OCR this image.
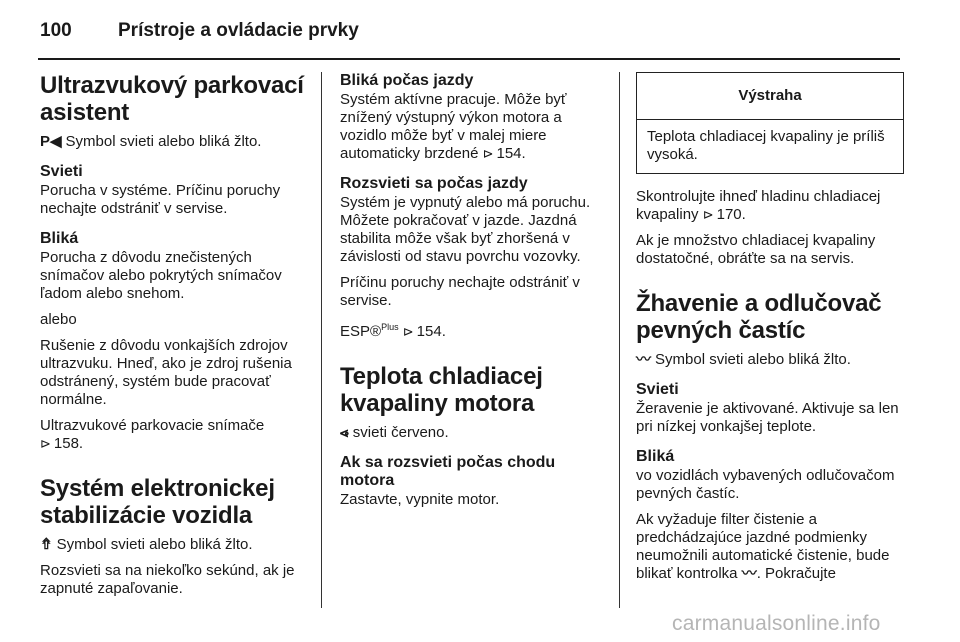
100 Prístroje a ovládacie prvky
Ultrazvukový parkovací asistent

P◀︎ Symbol svieti alebo bliká žlto.

Svieti

Porucha v systéme. Príčinu poruchy nechajte odstrániť v servise.

Bliká

Porucha z dôvodu znečistených snímačov alebo pokrytých snímačov ľadom alebo snehom.

alebo

Rušenie z dôvodu vonkajších zdrojov ultrazvuku. Hneď, ako je zdroj rušenia odstránený, systém bude pracovať normálne.

Ultrazvukové parkovacie snímače
⊳ 158.

Systém elektronickej stabilizácie vozidla

⇮ Symbol svieti alebo bliká žlto.

Rozsvieti sa na niekoľko sekúnd, ak je zapnuté zapaľovanie.

Bliká počas jazdy

Systém aktívne pracuje. Môže byť znížený výstupný výkon motora a vozidlo môže byť v malej miere automaticky brzdené ⊳ 154.

Rozsvieti sa počas jazdy

Systém je vypnutý alebo má poruchu. Môžete pokračovať v jazde. Jazdná stabilita môže však byť zhoršená v závislosti od stavu povrchu vozovky.

Príčinu poruchy nechajte odstrániť v servise.

ESP®$^{Plus}$ ⊳ 154.

Teplota chladiacej kvapaliny motora

⩹ svieti červeno.

Ak sa rozsvieti počas chodu motora

Zastavte, vypnite motor.

Výstraha
Teplota chladiacej kvapaliny je príliš vysoká.

Skontrolujte ihneď hladinu chladiacej kvapaliny ⊳ 170.

Ak je množstvo chladiacej kvapaliny dostatočné, obráťte sa na servis.

Žhavenie a odlučovač pevných častíc

〰 Symbol svieti alebo bliká žlto.

Svieti

Žeravenie je aktivované. Aktivuje sa len pri nízkej vonkajšej teplote.

Bliká

vo vozidlách vybavených odlučovačom pevných častíc.

Ak vyžaduje filter čistenie a predchádzajúce jazdné podmienky neumožnili automatické čistenie, bude blikať kontrolka 〰. Pokračujte

carmanualsonline.info
